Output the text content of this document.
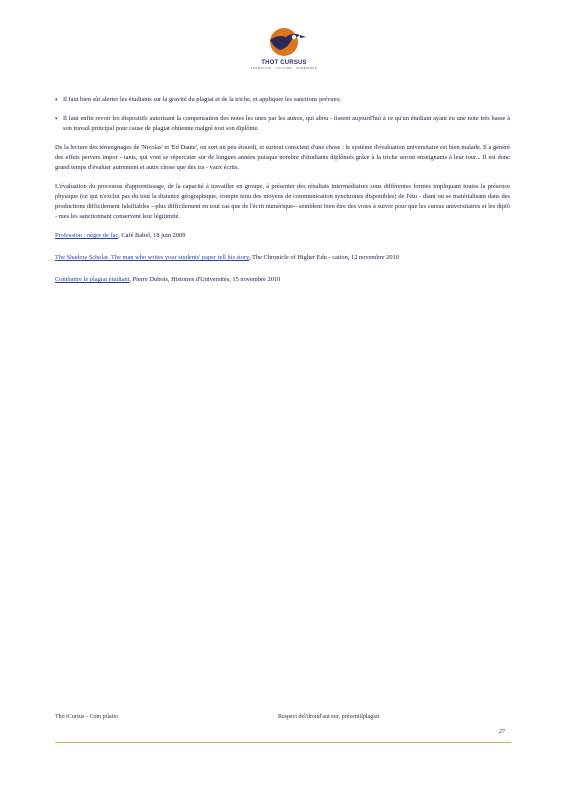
THOT CURSUS
FORMATION · CULTURE · NUMÉRIQUE
• Il faut bien sûr alerter les étudiants sur la gravité du plagiat et de la triche, et appliquer les sanctions prévues;
• Il faut enfin revoir les dispositifs autorisant la compensation des notes les unes par les autres, qui abou - tissent aujourd'hui à ce qu'un étudiant ayant eu une note très basse à son travail principal pour cause de plagiat obtienne malgré tout son diplôme.

De la lecture des témoignages de 'Nicolas' et 'Ed Dante', on sort un peu étourdi, et surtout conscient d'une chose : le système d'évaluation universitaire est bien malade. Il a généré des effets pervers impor - tants, qui vont se répercuter sur de longues années puisque nombre d'étudiants diplômés grâce à la triche seront enseignants à leur tour... Il est donc grand temps d'évaluer autrement et autre chose que des tra - vaux écrits.

L'évaluation du processus d'apprentissage, de la capacité à travailler en groupe, à présenter des résultats intermédiaires sous différentes formes impliquant toutes la présence physique (ce qui n'exclut pas du tout la distance géographique, compte tenu des moyens de communication synchrones disponibles) de l'étu - diant ou se matérialisant dans des productions difficilement falsifiables --plus difficilement en tout cas que de l'écrit numérique-- semblent bien être des voies à suivre pour que les cursus universitaires et les diplô - mes les sanctionnant conservent leur légitimité.

Profession : nègre de fac, Café Babel, 18 juin 2009

The Shadow Scholar. The man who writes your students' paper tell his story, The Chronicle of Higher Edu - cation, 12 novembre 2010

Combattre le plagiat étudiant, Pierre Dubois, Histoires d'Universités, 15 novembre 2010

Tho tCursus - Com pilatio	Respect del'droitd'aut eur, préveniilplagiat
27
